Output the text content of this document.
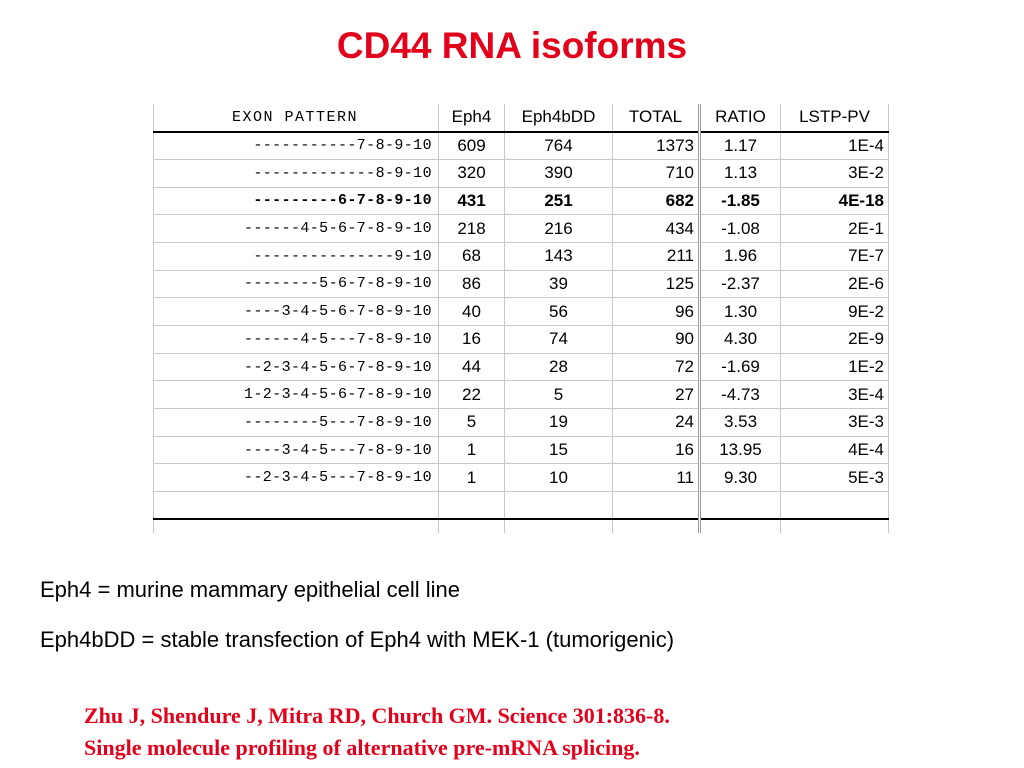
CD44 RNA isoforms
EXON PATTERN	Eph4	Eph4bDD	TOTAL	RATIO	LSTP-PV
-----------7-8-9-10	609	764	1373	1.17	1E-4
-------------8-9-10	320	390	710	1.13	3E-2
---------6-7-8-9-10	431	251	682	-1.85	4E-18
------4-5-6-7-8-9-10	218	216	434	-1.08	2E-1
---------------9-10	68	143	211	1.96	7E-7
--------5-6-7-8-9-10	86	39	125	-2.37	2E-6
----3-4-5-6-7-8-9-10	40	56	96	1.30	9E-2
------4-5---7-8-9-10	16	74	90	4.30	2E-9
--2-3-4-5-6-7-8-9-10	44	28	72	-1.69	1E-2
1-2-3-4-5-6-7-8-9-10	22	5	27	-4.73	3E-4
--------5---7-8-9-10	5	19	24	3.53	3E-3
----3-4-5---7-8-9-10	1	15	16	13.95	4E-4
--2-3-4-5---7-8-9-10	1	10	11	9.30	5E-3

Eph4 = murine mammary epithelial cell line
Eph4bDD = stable transfection of Eph4 with MEK-1 (tumorigenic)
Zhu J, Shendure J, Mitra RD, Church GM. Science 301:836-8.
Single molecule profiling of alternative pre-mRNA splicing.
